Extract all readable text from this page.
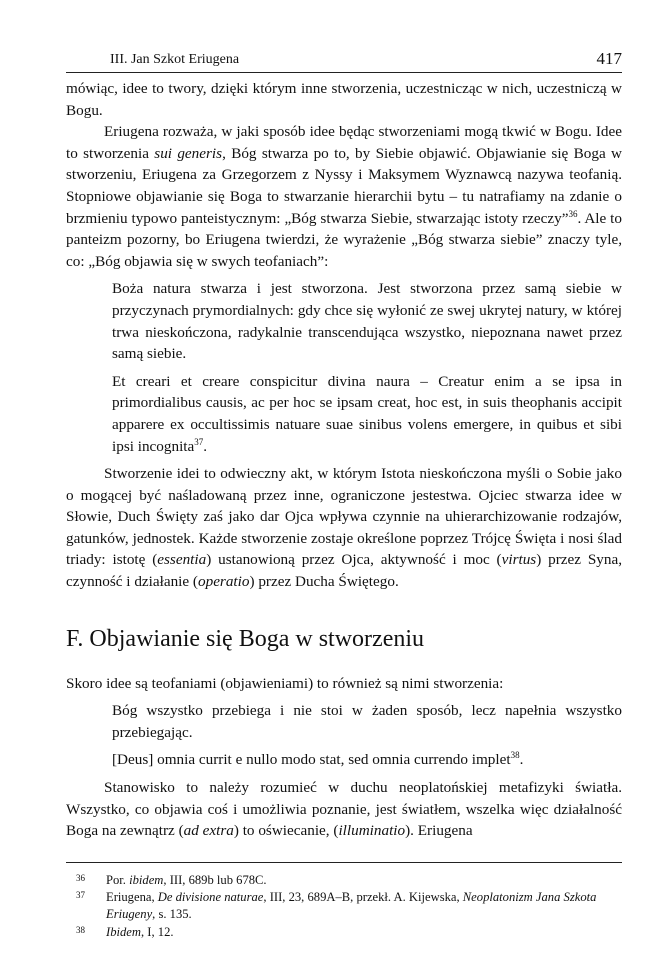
III. Jan Szkot Eriugena	417

mówiąc, idee to twory, dzięki którym inne stworzenia, uczestnicząc w nich, uczestniczą w Bogu.

Eriugena rozważa, w jaki sposób idee będąc stworzeniami mogą tkwić w Bogu. Idee to stworzenia sui generis, Bóg stwarza po to, by Siebie objawić. Objawianie się Boga w stworzeniu, Eriugena za Grzegorzem z Nyssy i Maksymem Wyznawcą nazywa teofanią. Stopniowe objawianie się Boga to stwarzanie hierarchii bytu – tu natrafiamy na zdanie o brzmieniu typowo panteistycznym: „Bóg stwarza Siebie, stwarzając istoty rzeczy”$^{36}$. Ale to panteizm pozorny, bo Eriugena twierdzi, że wyrażenie „Bóg stwarza siebie” znaczy tyle, co: „Bóg objawia się w swych teofaniach”:

Boża natura stwarza i jest stworzona. Jest stworzona przez samą siebie w przyczynach prymordialnych: gdy chce się wyłonić ze swej ukrytej natury, w której trwa nieskończona, radykalnie transcendująca wszystko, niepoznana nawet przez samą siebie.

Et creari et creare conspicitur divina naura – Creatur enim a se ipsa in primordialibus causis, ac per hoc se ipsam creat, hoc est, in suis theophanis accipit apparere ex occultissimis natuare suae sinibus volens emergere, in quibus et sibi ipsi incognita$^{37}$.

Stworzenie idei to odwieczny akt, w którym Istota nieskończona myśli o Sobie jako o mogącej być naśladowaną przez inne, ograniczone jestestwa. Ojciec stwarza idee w Słowie, Duch Święty zaś jako dar Ojca wpływa czynnie na uhierarchizowanie rodzajów, gatunków, jednostek. Każde stworzenie zostaje określone poprzez Trójcę Święta i nosi ślad triady: istotę (essentia) ustanowioną przez Ojca, aktywność i moc (virtus) przez Syna, czynność i działanie (operatio) przez Ducha Świętego.

F. Objawianie się Boga w stworzeniu

Skoro idee są teofaniami (objawieniami) to również są nimi stworzenia:

Bóg wszystko przebiega i nie stoi w żaden sposób, lecz napełnia wszystko przebiegając.

[Deus] omnia currit e nullo modo stat, sed omnia currendo implet$^{38}$.

Stanowisko to należy rozumieć w duchu neoplatońskiej metafizyki światła. Wszystko, co objawia coś i umożliwia poznanie, jest światłem, wszelka więc działalność Boga na zewnątrz (ad extra) to oświecanie, (illuminatio). Eriugena

36	Por. ibidem, III, 689b lub 678C.
37	Eriugena, De divisione naturae, III, 23, 689A–B, przekł. A. Kijewska, Neoplatonizm Jana Szkota Eriugeny, s. 135.
38	Ibidem, I, 12.
